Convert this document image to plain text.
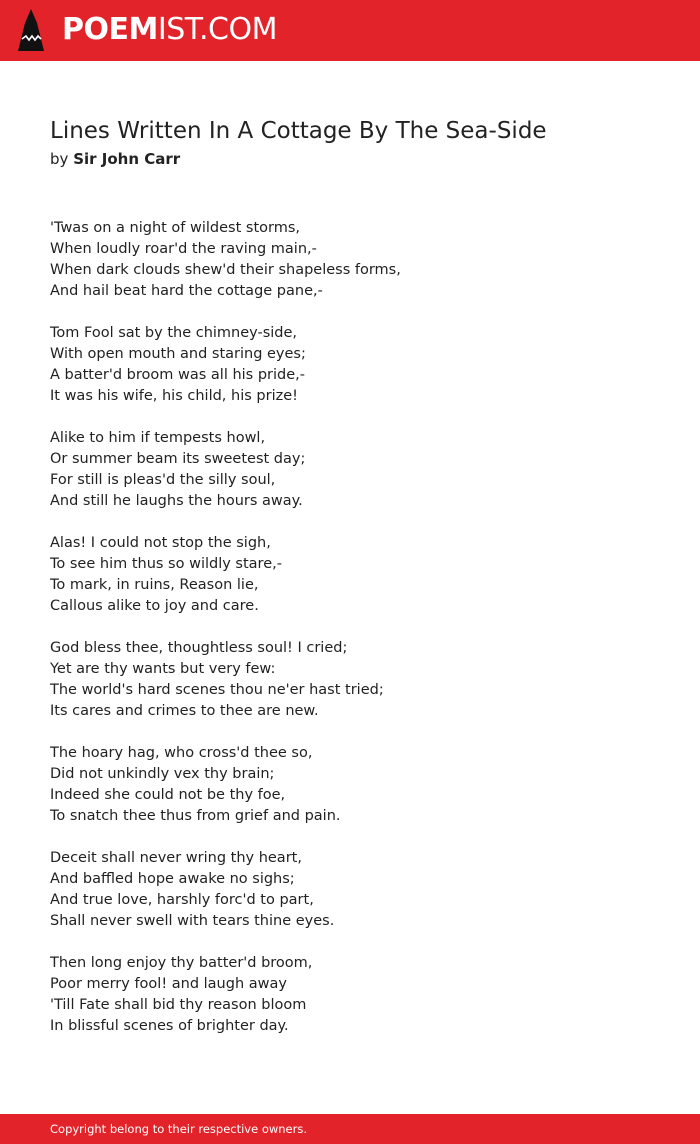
POEMIST.COM
Lines Written In A Cottage By The Sea-Side
by Sir John Carr
'Twas on a night of wildest storms,
When loudly roar'd the raving main,-
When dark clouds shew'd their shapeless forms,
And hail beat hard the cottage pane,-
Tom Fool sat by the chimney-side,
With open mouth and staring eyes;
A batter'd broom was all his pride,-
It was his wife, his child, his prize!
Alike to him if tempests howl,
Or summer beam its sweetest day;
For still is pleas'd the silly soul,
And still he laughs the hours away.
Alas! I could not stop the sigh,
To see him thus so wildly stare,-
To mark, in ruins, Reason lie,
Callous alike to joy and care.
God bless thee, thoughtless soul! I cried;
Yet are thy wants but very few:
The world's hard scenes thou ne'er hast tried;
Its cares and crimes to thee are new.
The hoary hag, who cross'd thee so,
Did not unkindly vex thy brain;
Indeed she could not be thy foe,
To snatch thee thus from grief and pain.
Deceit shall never wring thy heart,
And baffled hope awake no sighs;
And true love, harshly forc'd to part,
Shall never swell with tears thine eyes.
Then long enjoy thy batter'd broom,
Poor merry fool! and laugh away
'Till Fate shall bid thy reason bloom
In blissful scenes of brighter day.
Copyright belong to their respective owners.
